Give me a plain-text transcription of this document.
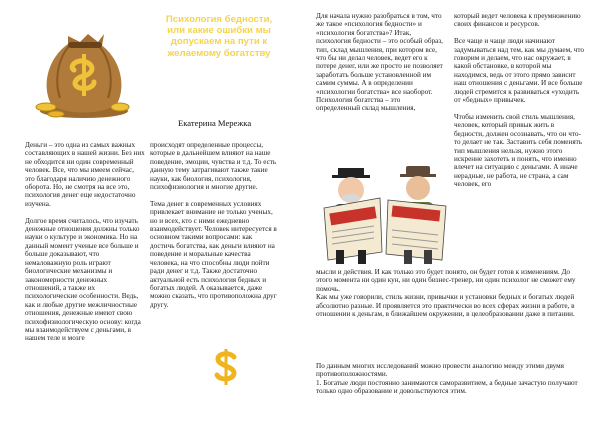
Психология бедности, или какие ошибки мы допускаем на пути к желаемому богатству
Екатерина Мережка
Деньги – это одна из самых важных составляющих в нашей жизни. Без них не обходится ни один современный человек. Все, что мы имеем сейчас, это благодаря наличию денежного оборота. Но, не смотря на все это, психология денег еще недостаточно изучена.

Долгое время считалось, что изучать денежные отношения должны только науки о культуре и экономика. Но на данный момент ученые все больше и больше доказывают, что немаловажную роль играют биологические механизмы и закономерности денежных отношений, а также их психологические особенности. Ведь, как и любые другие межличностные отношения, денежные имеют свою психофизиологическую основу: когда мы взаимодействуем с деньгами, в нашем теле и мозге
происходят определенные процессы, которые в дальнейшем влияют на наше поведение, эмоции, чувства и т.д. То есть данную тему затрагивают также такие науки, как биология, психология, психофизиология и многие другие.

Тема денег в современных условиях привлекает внимание не только ученых, но и всех, кто с ними ежедневно взаимодействует. Человек интересуется в основном такими вопросами: как достичь богатства, как деньги влияют на поведение и моральные качества человека, на что способны люди пойти ради денег и т.д. Также достаточно актуальной есть психология бедных и богатых людей. А оказывается, даже можно сказать, что противоположна друг другу.
Для начала нужно разобраться в том, что же такое «психология бедности» и «психология богатства»? Итак, психология бедности – это особый образ, тип, склад мышления, при котором все, что бы ни делал человек, ведет его к потере денег, или же просто не позволяет заработать больше установленной им самим суммы. А в определении «психологии богатства» все наоборот. Психология богатства – это определенный склад мышления,
который ведет человека к преумножению своих финансов и ресурсов.

Все чаще и чаще люди начинают задумываться над тем, как мы думаем, что говорим и делаем, что нас окружает, в какой обстановке, в которой мы находимся, ведь от этого прямо зависит наш отношения с деньгами. И все больше людей стремится к развиваться «уходить от «бедных» привычек.

Чтобы изменить свой стиль мышления, человек, который привык жить в бедности, должен осознавать, что он что-то делает не так. Заставить себя поменять тип мышления нельзя, нужно этого искренне захотеть и понять, что именно влечет на ситуацию с деньгами. А иначе нерадные, не работа, не страна, а сам человек, его
мысли и действия. И как только это будет понято, он будет готов к изменениям. До этого момента ни один кун, ни один бизнес-тренер, ни один психолог не сможет ему помочь.
Как мы уже говорили, стиль жизни, привычки и установки бедных и богатых людей абсолютно разные. И проявляется это практически во всех сферах жизни в работе, в отношении к деньгам, в ближайшем окружении, в целеобразовании даже в питании.
По данным многих исследований можно провести аналогию между этими двумя противоположностями.
1. Богатые люди постоянно занимаются саморазвитием, а бедные зачастую получают только одно образование и довольствуются этим.
